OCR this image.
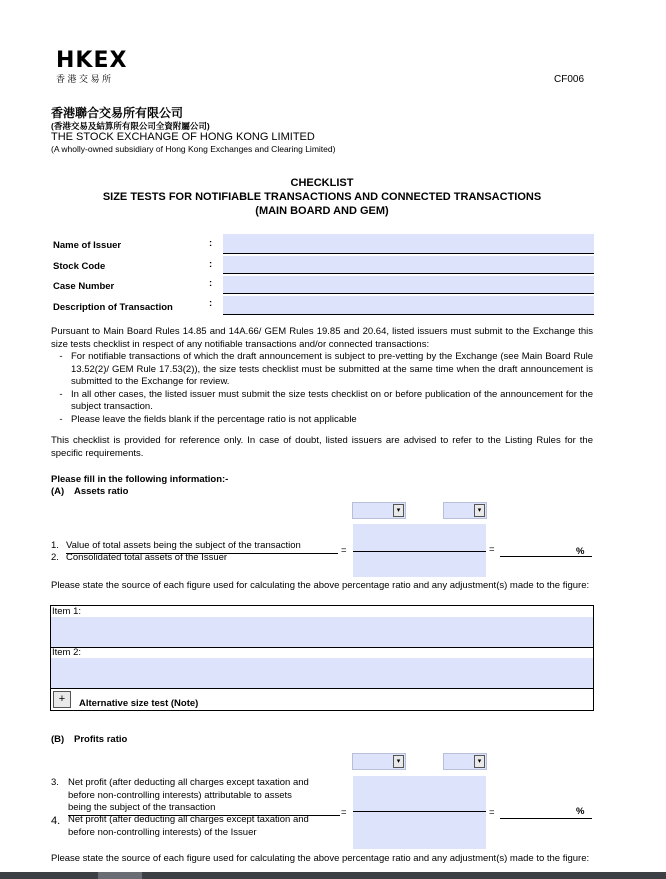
HKEX
香 港 交 易 所	CF006
香港聯合交易所有限公司
(香港交易及結算所有限公司全資附屬公司)
THE STOCK EXCHANGE OF HONG KONG LIMITED
(A wholly-owned subsidiary of Hong Kong Exchanges and Clearing Limited)
CHECKLIST
SIZE TESTS FOR NOTIFIABLE TRANSACTIONS AND CONNECTED TRANSACTIONS
(MAIN BOARD AND GEM)
Name of Issuer	:
Stock Code	:
Case Number	:
Description of Transaction	:
Pursuant to Main Board Rules 14.85 and 14A.66/ GEM Rules 19.85 and 20.64, listed issuers must submit to the Exchange this size tests checklist in respect of any notifiable transactions and/or connected transactions:
- For notifiable transactions of which the draft announcement is subject to pre-vetting by the Exchange (see Main Board Rule 13.52(2)/ GEM Rule 17.53(2)), the size tests checklist must be submitted at the same time when the draft announcement is submitted to the Exchange for review.
- In all other cases, the listed issuer must submit the size tests checklist on or before publication of the announcement for the subject transaction.
- Please leave the fields blank if the percentage ratio is not applicable
This checklist is provided for reference only. In case of doubt, listed issuers are advised to refer to the Listing Rules for the specific requirements.
Please fill in the following information:-
(A) Assets ratio
▾	▾
1. Value of total assets being the subject of the transaction
2. Consolidated total assets of the Issuer
=	=	%
Please state the source of each figure used for calculating the above percentage ratio and any adjustment(s) made to the figure:
Item 1:
Item 2:
+	Alternative size test (Note)
(B) Profits ratio
▾	▾
3. Net profit (after deducting all charges except taxation and
before non-controlling interests) attributable to assets
being the subject of the transaction
4. Net profit (after deducting all charges except taxation and
before non-controlling interests) of the Issuer
=	=	%
Please state the source of each figure used for calculating the above percentage ratio and any adjustment(s) made to the figure:
